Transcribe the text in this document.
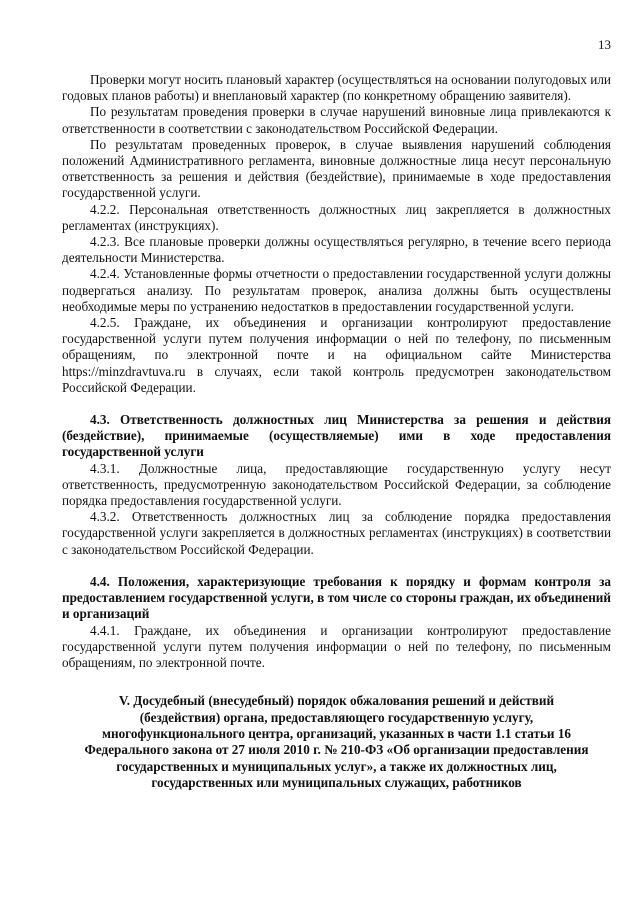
13

Проверки могут носить плановый характер (осуществляться на основании полугодовых или годовых планов работы) и внеплановый характер (по конкретному обращению заявителя).

По результатам проведения проверки в случае нарушений виновные лица привлекаются к ответственности в соответствии с законодательством Российской Федерации.

По результатам проведенных проверок, в случае выявления нарушений соблюдения положений Административного регламента, виновные должностные лица несут персональную ответственность за решения и действия (бездействие), принимаемые в ходе предоставления государственной услуги.

4.2.2. Персональная ответственность должностных лиц закрепляется в должностных регламентах (инструкциях).

4.2.3. Все плановые проверки должны осуществляться регулярно, в течение всего периода деятельности Министерства.

4.2.4. Установленные формы отчетности о предоставлении государственной услуги должны подвергаться анализу. По результатам проверок, анализа должны быть осуществлены необходимые меры по устранению недостатков в предоставлении государственной услуги.

4.2.5. Граждане, их объединения и организации контролируют предоставление государственной услуги путем получения информации о ней по телефону, по письменным обращениям, по электронной почте и на официальном сайте Министерства https://minzdravtuva.ru в случаях, если такой контроль предусмотрен законодательством Российской Федерации.

4.3. Ответственность должностных лиц Министерства за решения и действия (бездействие), принимаемые (осуществляемые) ими в ходе предоставления государственной услуги

4.3.1. Должностные лица, предоставляющие государственную услугу несут ответственность, предусмотренную законодательством Российской Федерации, за соблюдение порядка предоставления государственной услуги.

4.3.2. Ответственность должностных лиц за соблюдение порядка предоставления государственной услуги закрепляется в должностных регламентах (инструкциях) в соответствии с законодательством Российской Федерации.

4.4. Положения, характеризующие требования к порядку и формам контроля за предоставлением государственной услуги, в том числе со стороны граждан, их объединений и организаций

4.4.1. Граждане, их объединения и организации контролируют предоставление государственной услуги путем получения информации о ней по телефону, по письменным обращениям, по электронной почте.

V. Досудебный (внесудебный) порядок обжалования решений и действий
(бездействия) органа, предоставляющего государственную услугу,
многофункционального центра, организаций, указанных в части 1.1 статьи 16
Федерального закона от 27 июля 2010 г. № 210-ФЗ «Об организации предоставления
государственных и муниципальных услуг», а также их должностных лиц,
государственных или муниципальных служащих, работников
